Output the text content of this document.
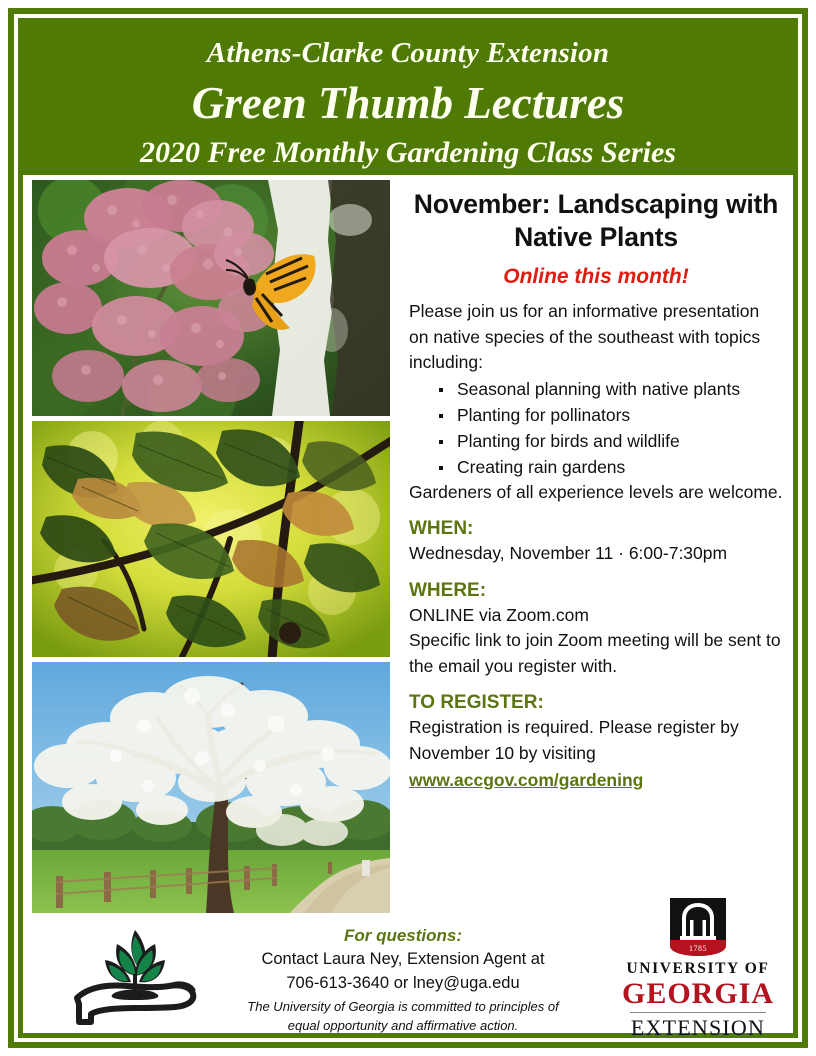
Athens-Clarke County Extension
Green Thumb Lectures
2020 Free Monthly Gardening Class Series
November: Landscaping with Native Plants
Online this month!

Please join us for an informative presentation on native species of the southeast with topics including:

Seasonal planning with native plants
Planting for pollinators
Planting for birds and wildlife
Creating rain gardens

Gardeners of all experience levels are welcome.

WHEN:

Wednesday, November 11 · 6:00-7:30pm

WHERE:

ONLINE via Zoom.com

Specific link to join Zoom meeting will be sent to the email you register with.

TO REGISTER:

Registration is required. Please register by November 10 by visiting

www.accgov.com/gardening
For questions:
Contact Laura Ney, Extension Agent at
706-613-3640 or lney@uga.edu
The University of Georgia is committed to principles of
equal opportunity and affirmative action.
1785
UNIVERSITY OF
GEORGIA
EXTENSION
